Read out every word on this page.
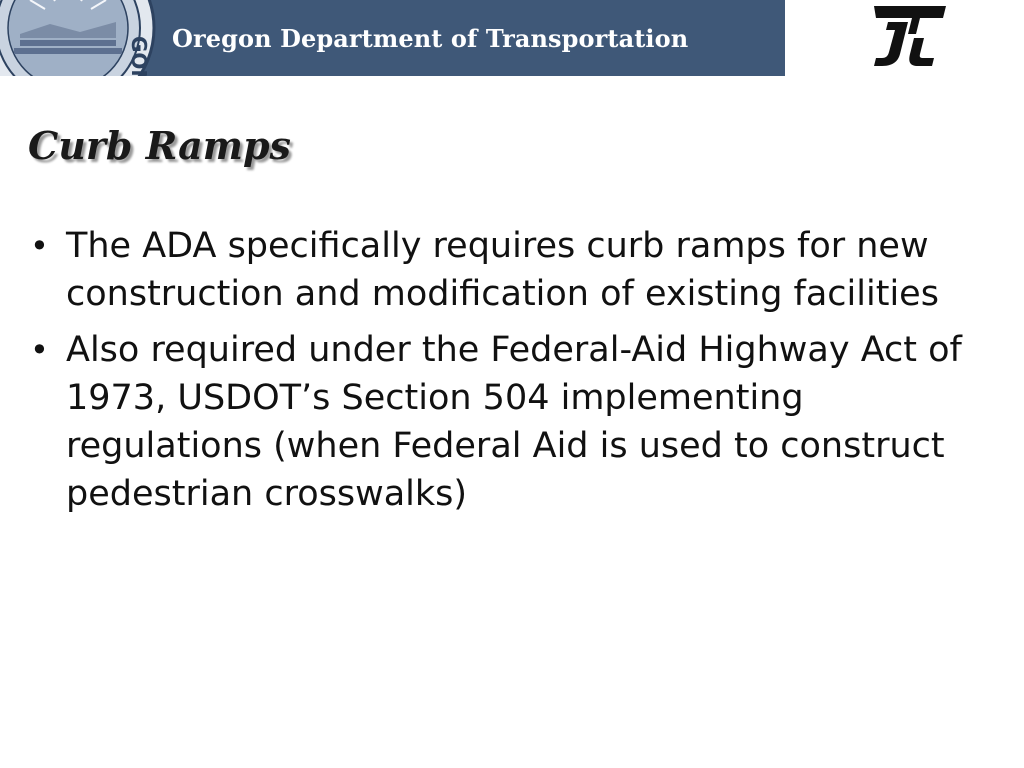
GON Oregon Department of Transportation
Curb Ramps
• The ADA specifically requires curb ramps for new construction and modification of existing facilities
• Also required under the Federal-Aid Highway Act of 1973, USDOT’s Section 504 implementing regulations (when Federal Aid is used to construct pedestrian crosswalks)
